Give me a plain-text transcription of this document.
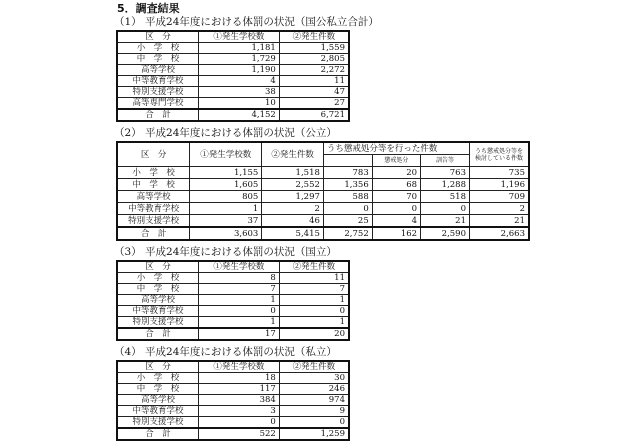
5．調査結果
（1） 平成24年度における体罰の状況（国公私立合計）
区　分	①発生学校数	②発生件数
小　学　校	1,181	1,559
中　学　校	1,729	2,805
高等学校	1,190	2,272
中等教育学校	4	11
特別支援学校	38	47
高等専門学校	10	27
合　計	4,152	6,721
（2） 平成24年度における体罰の状況（公立）
区　分	①発生学校数	②発生件数	うち懲戒処分等を行った件数			うち懲戒処分等を検討している件数
				懲戒処分	訓告等	
小　学　校	1,155	1,518	783	20	763	735
中　学　校	1,605	2,552	1,356	68	1,288	1,196
高等学校	805	1,297	588	70	518	709
中等教育学校	1	2	0	0	0	2
特別支援学校	37	46	25	4	21	21
合　計	3,603	5,415	2,752	162	2,590	2,663
（3） 平成24年度における体罰の状況（国立）
区　分	①発生学校数	②発生件数
小　学　校	8	11
中　学　校	7	7
高等学校	1	1
中等教育学校	0	0
特別支援学校	1	1
合　計	17	20
（4） 平成24年度における体罰の状況（私立）
区　分	①発生学校数	②発生件数
小　学　校	18	30
中　学　校	117	246
高等学校	384	974
中等教育学校	3	9
特別支援学校	0	0
合　計	522	1,259
